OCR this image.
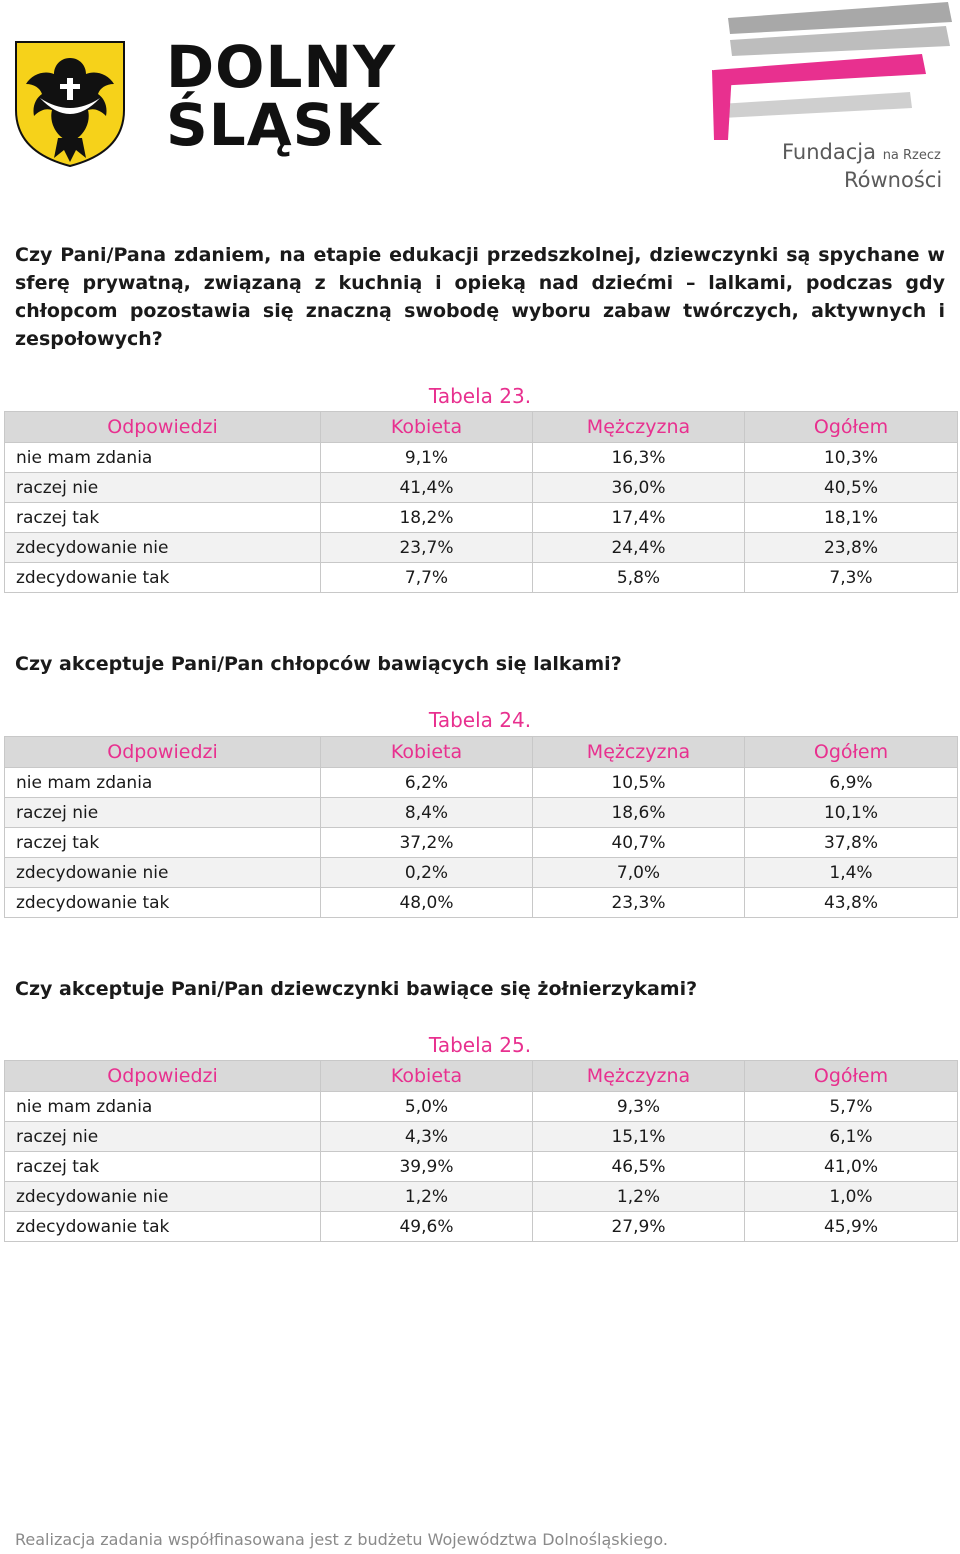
DOLNY
ŚLĄSK	Fundacja na Rzecz
Równości
Czy Pani/Pana zdaniem, na etapie edukacji przedszkolnej, dziewczynki są spychane w sferę prywatną, związaną z kuchnią i opieką nad dziećmi – lalkami, podczas gdy chłopcom pozostawia się znaczną swobodę wyboru zabaw twórczych, aktywnych i zespołowych?
Tabela 23.
Odpowiedzi	Kobieta	Mężczyzna	Ogółem
nie mam zdania	9,1%	16,3%	10,3%
raczej nie	41,4%	36,0%	40,5%
raczej tak	18,2%	17,4%	18,1%
zdecydowanie nie	23,7%	24,4%	23,8%
zdecydowanie tak	7,7%	5,8%	7,3%
Czy akceptuje Pani/Pan chłopców bawiących się lalkami?
Tabela 24.
Odpowiedzi	Kobieta	Mężczyzna	Ogółem
nie mam zdania	6,2%	10,5%	6,9%
raczej nie	8,4%	18,6%	10,1%
raczej tak	37,2%	40,7%	37,8%
zdecydowanie nie	0,2%	7,0%	1,4%
zdecydowanie tak	48,0%	23,3%	43,8%
Czy akceptuje Pani/Pan dziewczynki bawiące się żołnierzykami?
Tabela 25.
Odpowiedzi	Kobieta	Mężczyzna	Ogółem
nie mam zdania	5,0%	9,3%	5,7%
raczej nie	4,3%	15,1%	6,1%
raczej tak	39,9%	46,5%	41,0%
zdecydowanie nie	1,2%	1,2%	1,0%
zdecydowanie tak	49,6%	27,9%	45,9%
Realizacja zadania współfinasowana jest z budżetu Województwa Dolnośląskiego.
